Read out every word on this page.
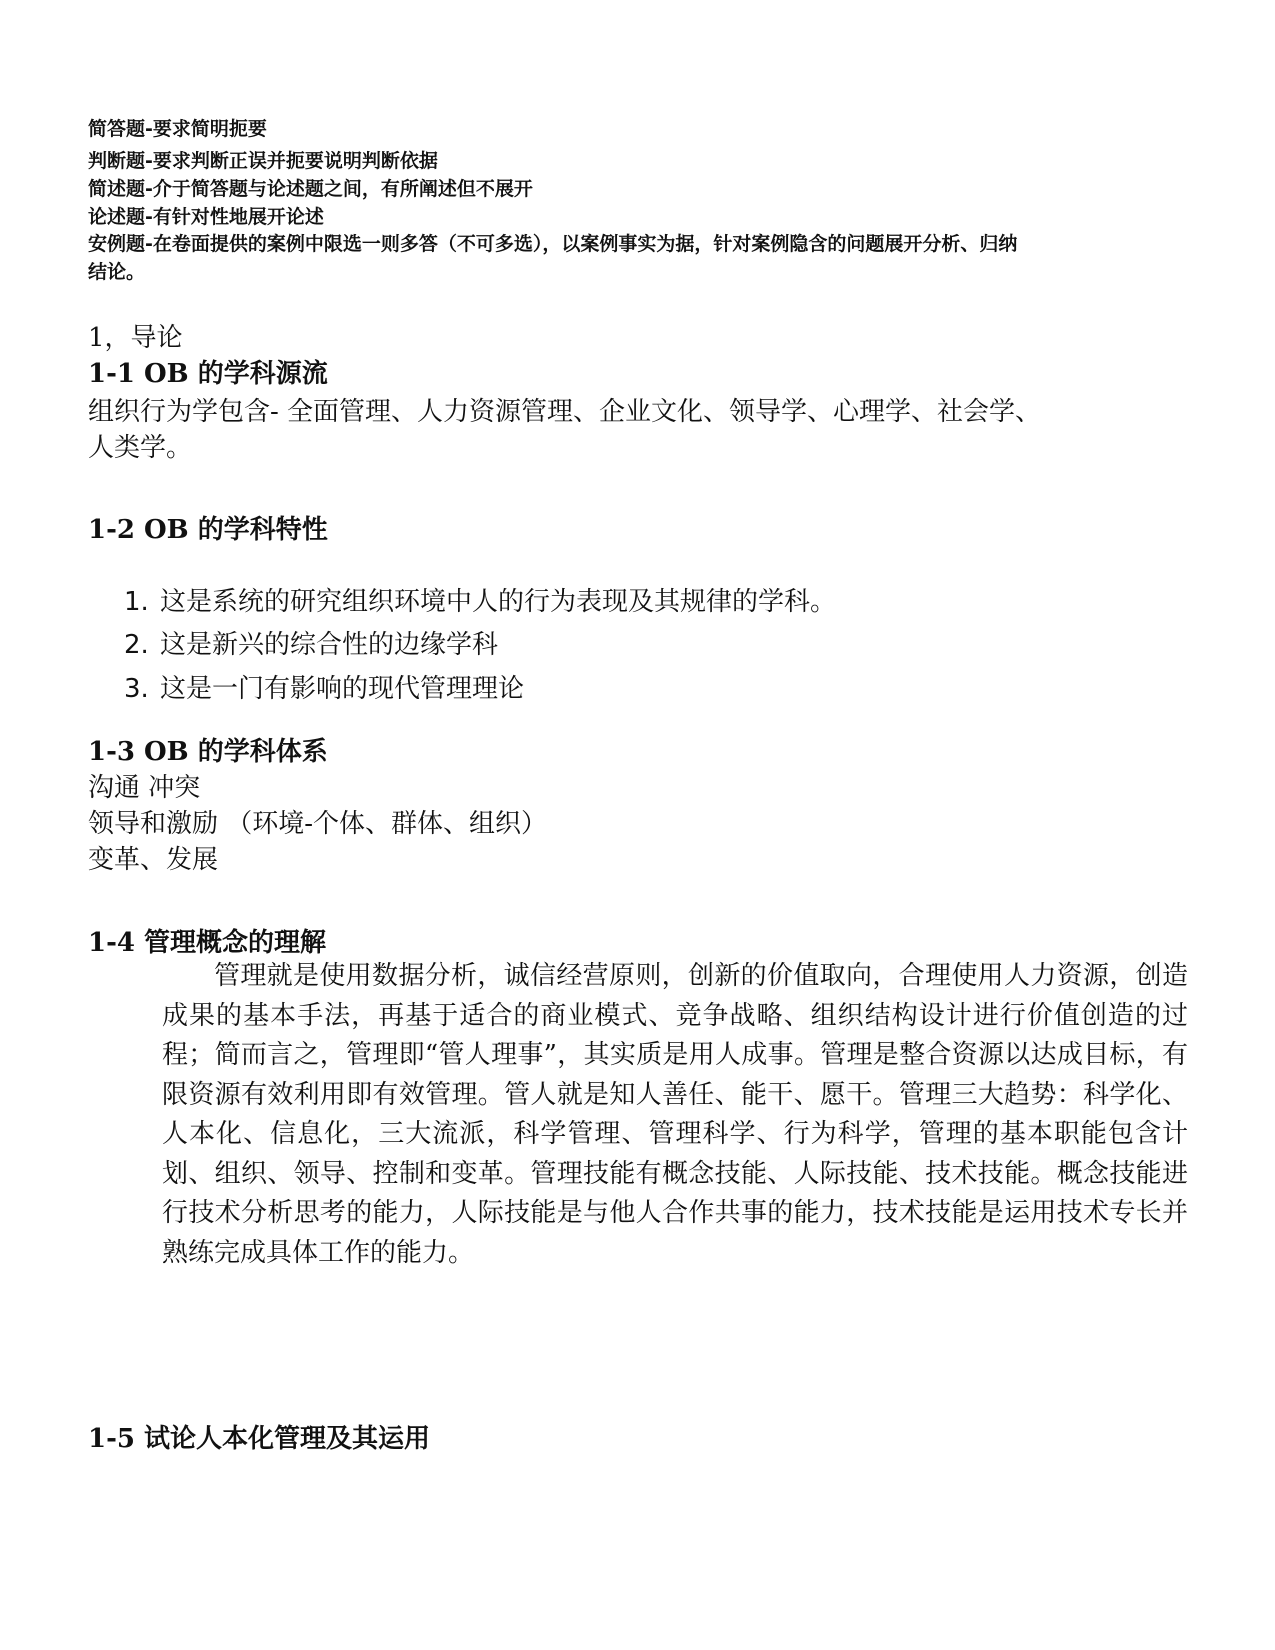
简答题-要求简明扼要

判断题-要求判断正误并扼要说明判断依据

简述题-介于简答题与论述题之间，有所阐述但不展开

论述题-有针对性地展开论述

安例题-在卷面提供的案例中限选一则多答（不可多选），以案例事实为据，针对案例隐含的问题展开分析、归纳

结论。

1，导论

1-1 OB 的学科源流

组织行为学包含- 全面管理、人力资源管理、企业文化、领导学、心理学、社会学、

人类学。

1-2 OB 的学科特性

1. 这是系统的研究组织环境中人的行为表现及其规律的学科。

2. 这是新兴的综合性的边缘学科

3. 这是一门有影响的现代管理理论

1-3 OB 的学科体系

沟通 冲突

领导和激励 （环境-个体、群体、组织）

变革、发展

1-4 管理概念的理解

管理就是使用数据分析，诚信经营原则，创新的价值取向，合理使用人力资源，创造成果的基本手法，再基于适合的商业模式、竞争战略、组织结构设计进行价值创造的过程；简而言之，管理即“管人理事”，其实质是用人成事。管理是整合资源以达成目标，有限资源有效利用即有效管理。管人就是知人善任、能干、愿干。管理三大趋势：科学化、人本化、信息化，三大流派，科学管理、管理科学、行为科学，管理的基本职能包含计划、组织、领导、控制和变革。管理技能有概念技能、人际技能、技术技能。概念技能进行技术分析思考的能力，人际技能是与他人合作共事的能力，技术技能是运用技术专长并熟练完成具体工作的能力。

1-5 试论人本化管理及其运用
